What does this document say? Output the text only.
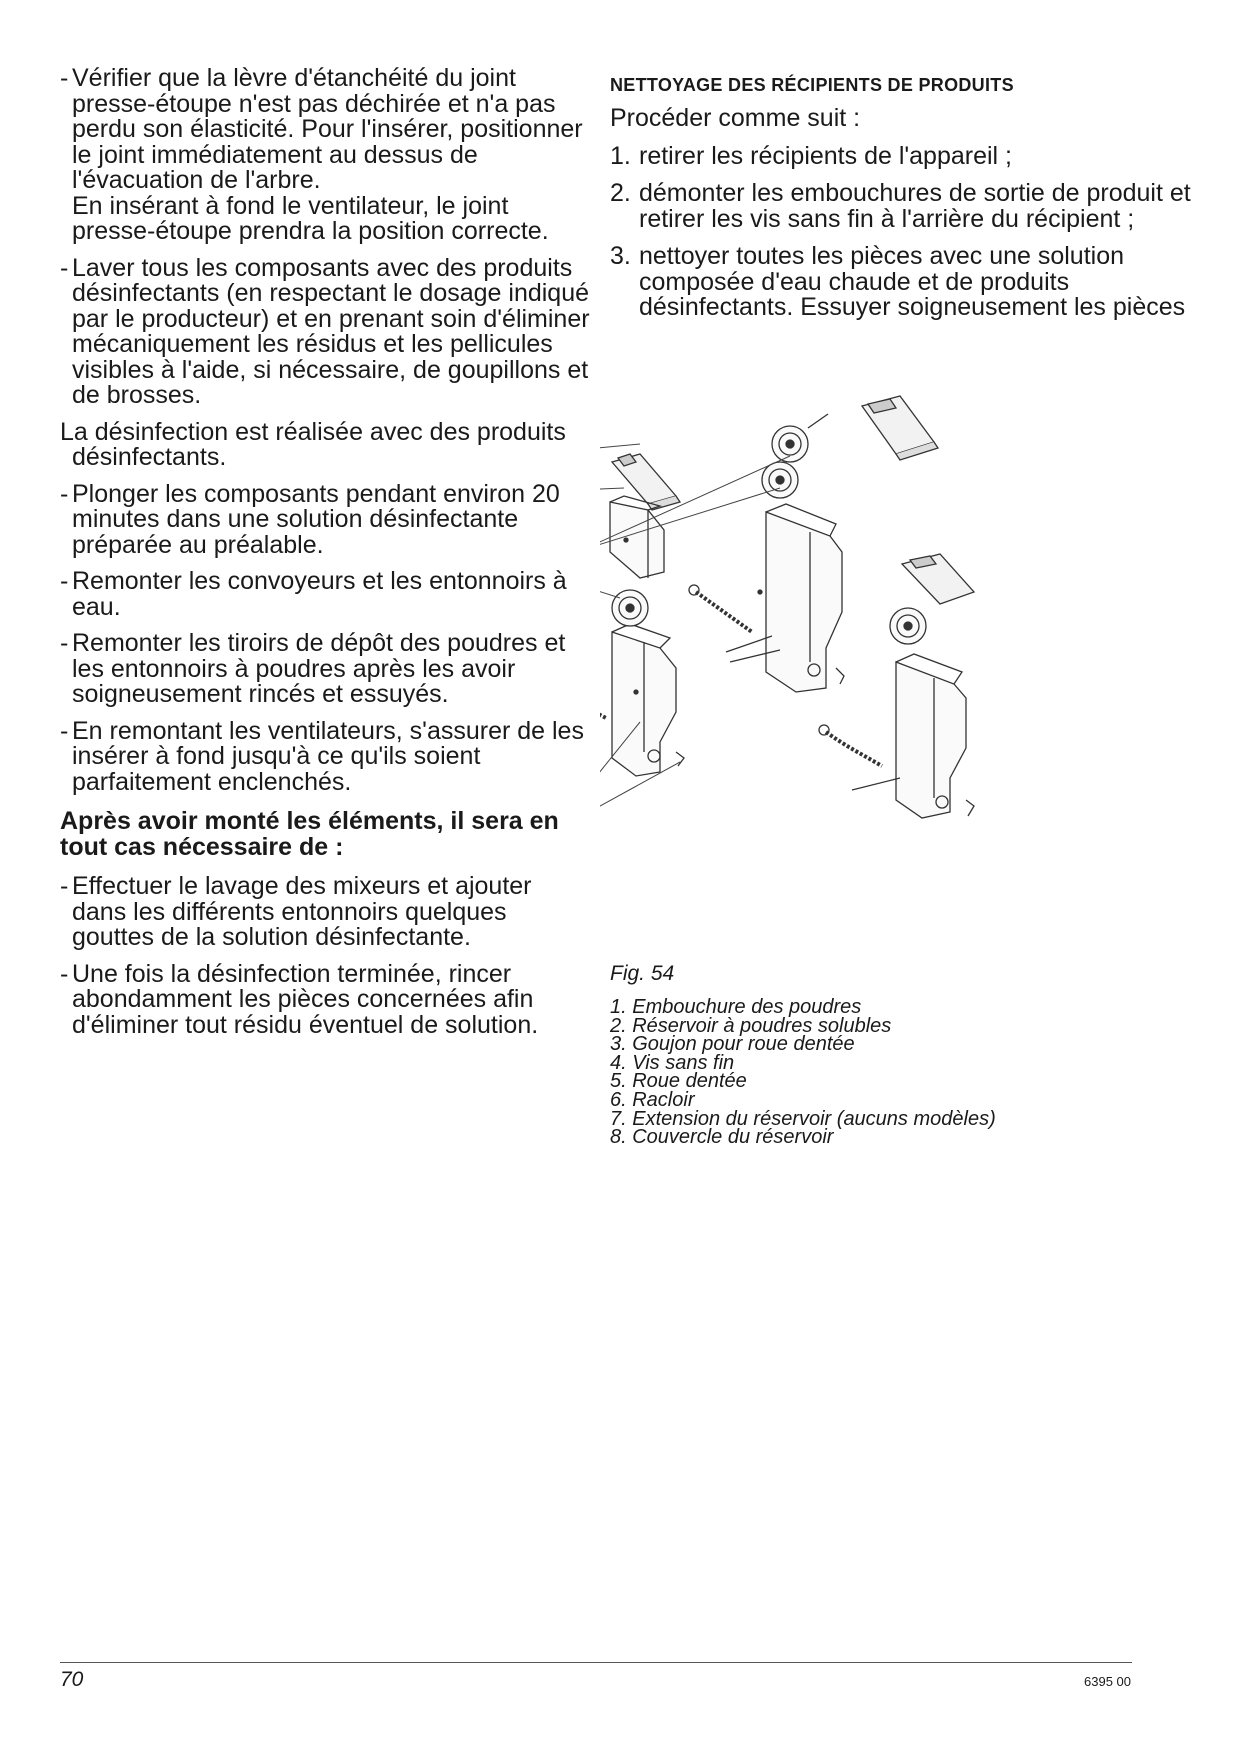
- Vérifier que la lèvre d'étanchéité du joint presse-étoupe n'est pas déchirée et n'a pas perdu son élasticité. Pour l'insérer, positionner le joint immédiatement au dessus de l'évacuation de l'arbre.
En insérant à fond le ventilateur, le joint presse-étoupe prendra la position correcte.
- Laver tous les composants avec des produits désinfectants (en respectant le dosage indiqué par le producteur) et en prenant soin d'éliminer mécaniquement les résidus et les pellicules visibles à l'aide, si nécessaire, de goupillons et de brosses.
La désinfection est réalisée avec des produits désinfectants.
- Plonger les composants pendant environ 20 minutes dans une solution désinfectante préparée au préalable.
- Remonter les convoyeurs et les entonnoirs à eau.
- Remonter les tiroirs de dépôt des poudres et les entonnoirs à poudres après les avoir soigneusement rincés et essuyés.
- En remontant les ventilateurs, s'assurer de les insérer à fond jusqu'à ce qu'ils soient parfaitement enclenchés.
Après avoir monté les éléments, il sera en tout cas nécessaire de :
- Effectuer le lavage des mixeurs et ajouter dans les différents entonnoirs quelques gouttes de la solution désinfectante.
- Une fois la désinfection terminée, rincer abondamment les pièces concernées afin d'éliminer tout résidu éventuel de solution.
NETTOYAGE DES RÉCIPIENTS DE PRODUITS
Procéder comme suit :
1. retirer les récipients de l'appareil ;
2. démonter les embouchures de sortie de produit et retirer les vis sans fin à l'arrière du récipient ;
3. nettoyer toutes les pièces avec une solution composée d'eau chaude et de produits désinfectants. Essuyer soigneusement les pièces
Fig. 54
1. Embouchure des poudres
2. Réservoir à poudres solubles
3. Goujon pour roue dentée
4. Vis sans fin
5. Roue dentée
6. Racloir
7. Extension du réservoir (aucuns modèles)
8. Couvercle du réservoir
70	6395 00
